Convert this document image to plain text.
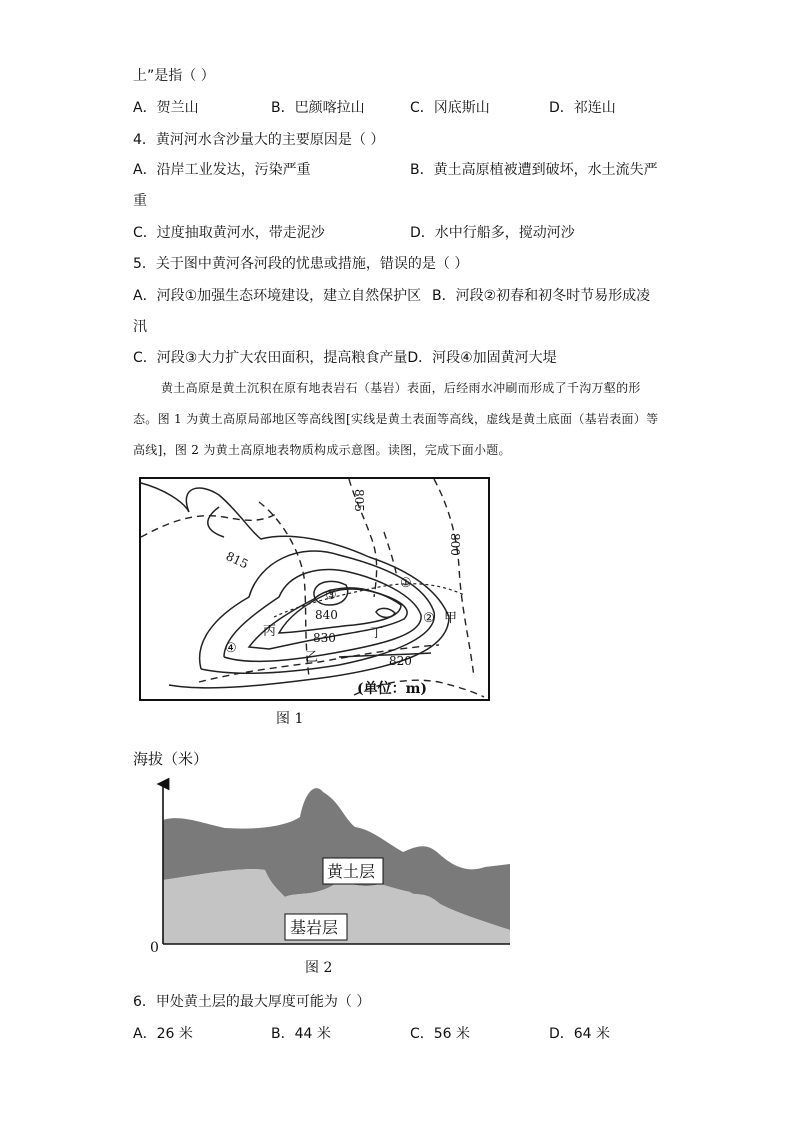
上”是指（ ）
A．贺兰山	B．巴颜喀拉山	C．冈底斯山	D．祁连山
4．黄河河水含沙量大的主要原因是（ ）
A．沿岸工业发达，污染严重	B．黄土高原植被遭到破坏，水土流失严
重
C．过度抽取黄河水，带走泥沙	D．水中行船多，搅动河沙
5．关于图中黄河各河段的忧患或措施，错误的是（ ）
A．河段①加强生态环境建设，建立自然保护区 B．河段②初春和初冬时节易形成凌
汛
C．河段③大力扩大农田面积，提高粮食产量D．河段④加固黄河大堤
黄土高原是黄土沉积在原有地表岩石（基岩）表面，后经雨水冲刷而形成了千沟万壑的形态。图 1 为黄土高原局部地区等高线图[实线是黄土表面等高线，虚线是黄土底面（基岩表面）等高线]，图 2 为黄土高原地表物质构成示意图。读图，完成下面小题。
805
800
815
840
830
820
①
②
③
④
甲
乙
丙	丁
(单位：m)
图 1
海拔（米）
黄土层
基岩层
0
图 2
6．甲处黄土层的最大厚度可能为（ ）
A．26 米	B．44 米	C．56 米	D．64 米
